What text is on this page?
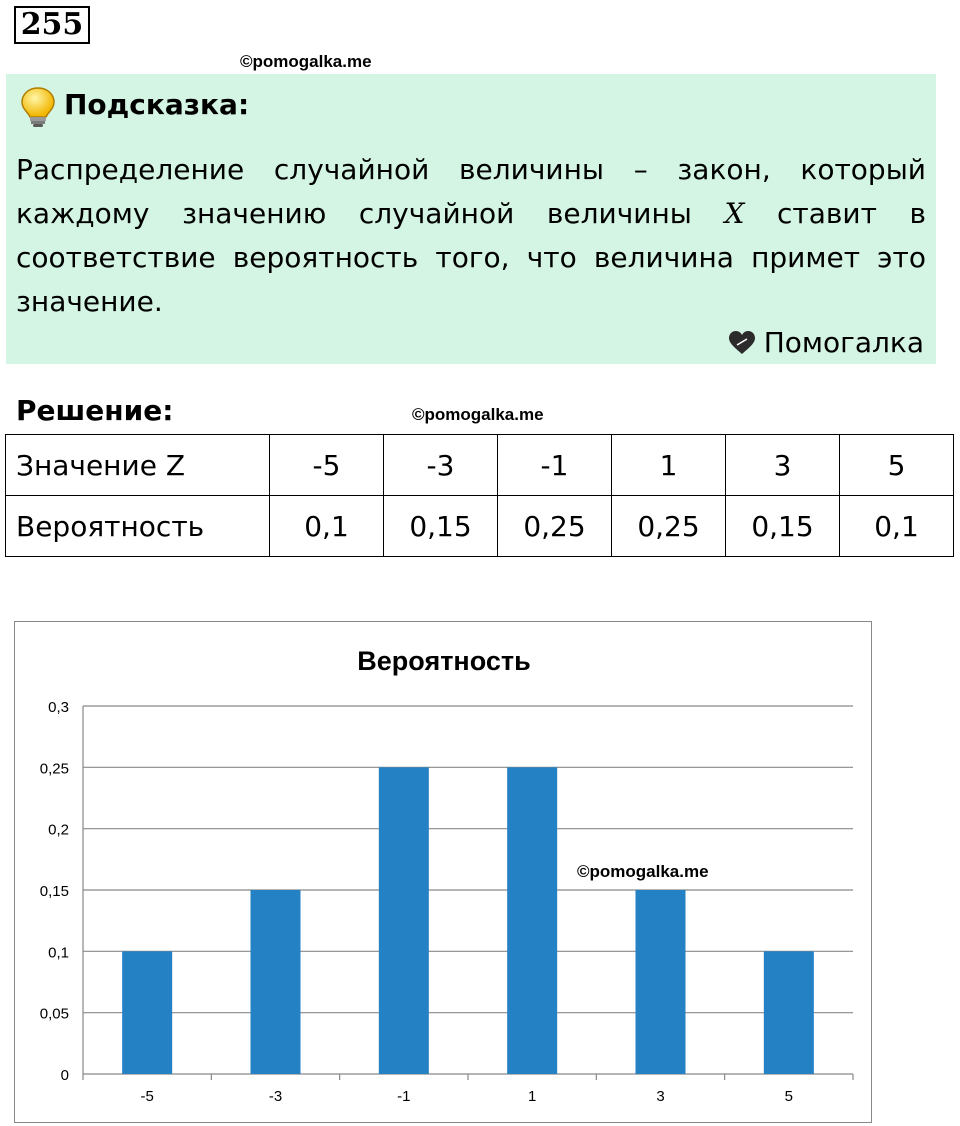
255
©pomogalka.me
Подсказка:
Распределение случайной величины – закон, который каждому значению случайной величины X ставит в соответствие вероятность того, что величина примет это значение.
Помогалка
Решение:	©pomogalka.me
Значение Z	-5	-3	-1	1	3	5
Вероятность	0,1	0,15	0,25	0,25	0,15	0,1
Вероятность
0
0,05
0,1
0,15
0,2
0,25
0,3
-5	-3	-1	1	3	5
©pomogalka.me
